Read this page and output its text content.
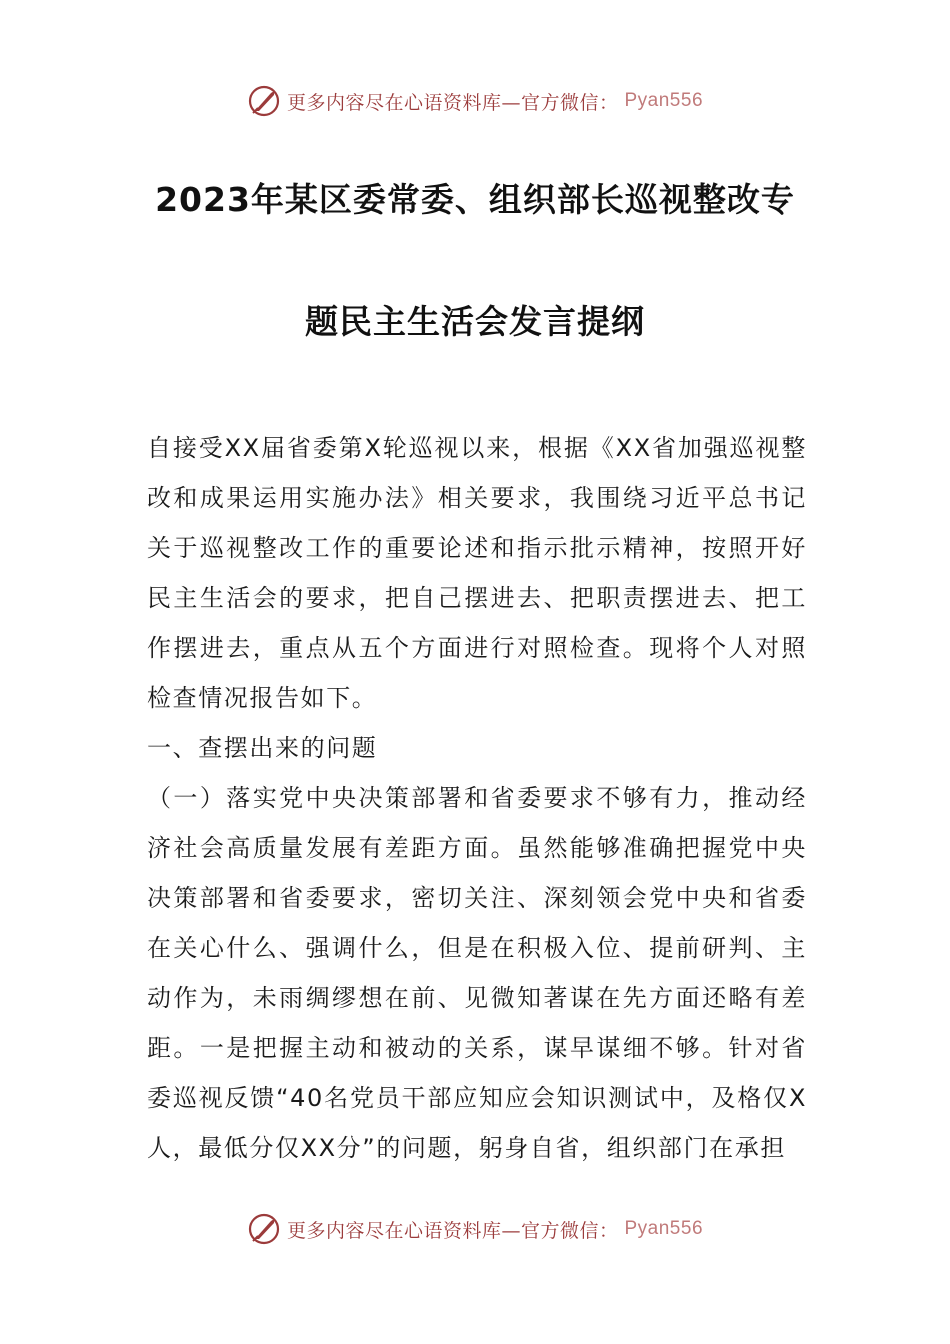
更多内容尽在心语资料库—官方微信： Pyan556
2023年某区委常委、组织部长巡视整改专
题民主生活会发言提纲

自接受XX届省委第X轮巡视以来，根据《XX省加强巡视整改和成果运用实施办法》相关要求，我围绕习近平总书记关于巡视整改工作的重要论述和指示批示精神，按照开好民主生活会的要求，把自己摆进去、把职责摆进去、把工作摆进去，重点从五个方面进行对照检查。现将个人对照检查情况报告如下。

一、查摆出来的问题

（一）落实党中央决策部署和省委要求不够有力，推动经济社会高质量发展有差距方面。虽然能够准确把握党中央决策部署和省委要求，密切关注、深刻领会党中央和省委在关心什么、强调什么，但是在积极入位、提前研判、主动作为，未雨绸缪想在前、见微知著谋在先方面还略有差距。一是把握主动和被动的关系，谋早谋细不够。针对省委巡视反馈“40名党员干部应知应会知识测试中，及格仅X人，最低分仅XX分”的问题，躬身自省，组织部门在承担

更多内容尽在心语资料库—官方微信： Pyan556
